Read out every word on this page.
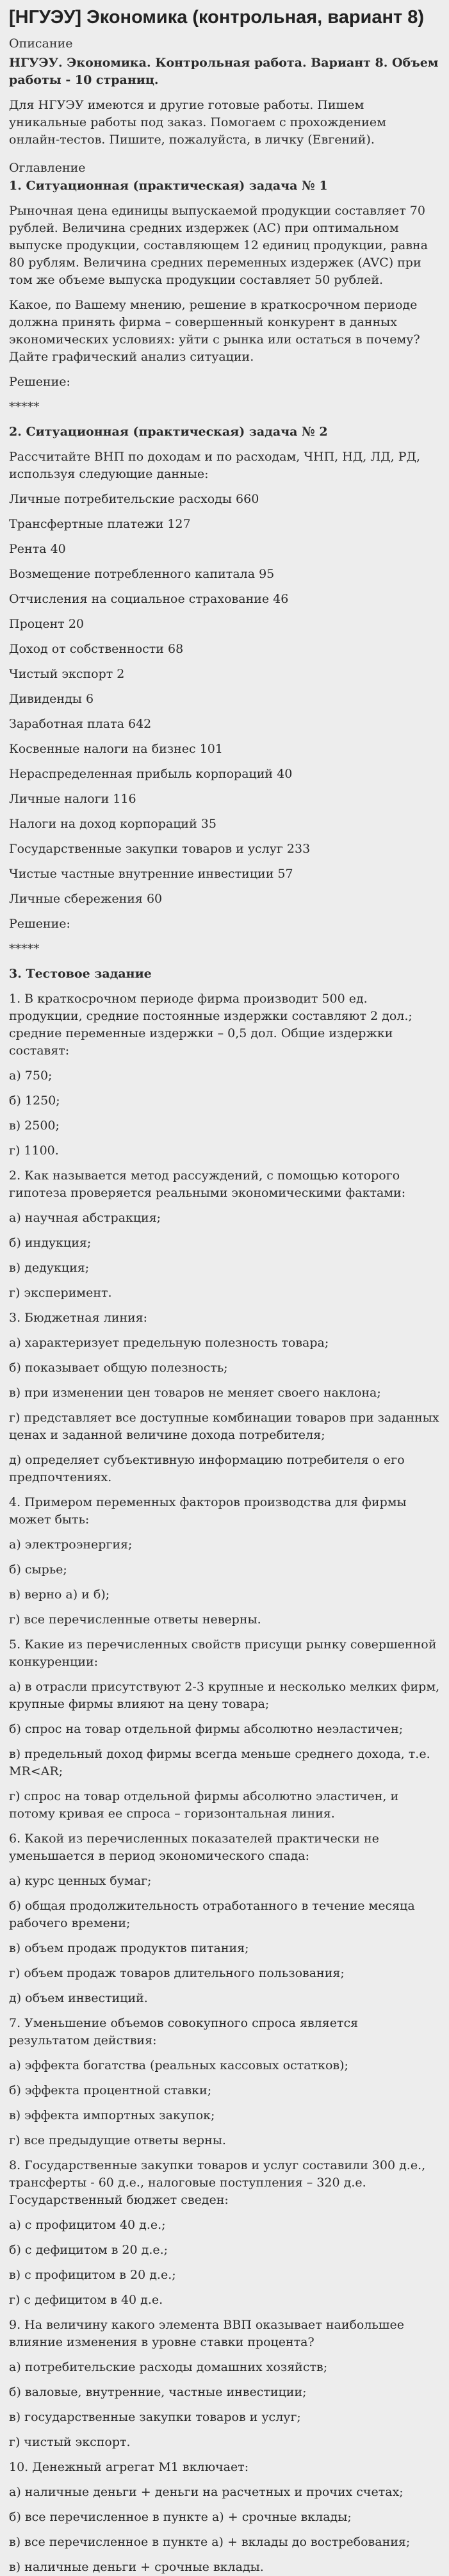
[НГУЭУ] Экономика (контрольная, вариант 8)
Описание
НГУЭУ. Экономика. Контрольная работа. Вариант 8. Объем работы - 10 страниц.

Для НГУЭУ имеются и другие готовые работы. Пишем уникальные работы под заказ. Помогаем с прохождением онлайн-тестов. Пишите, пожалуйста, в личку (Евгений).

Оглавление

1. Ситуационная (практическая) задача № 1

Рыночная цена единицы выпускаемой продукции составляет 70 рублей. Величина средних издержек (АС) при оптимальном выпуске продукции, составляющем 12 единиц продукции, равна 80 рублям. Величина средних переменных издержек (AVC) при том же объеме выпуска продукции составляет 50 рублей.

Какое, по Вашему мнению, решение в краткосрочном периоде должна принять фирма – совершенный конкурент в данных экономических условиях: уйти с рынка или остаться в почему? Дайте графический анализ ситуации.

Решение:

*****

2. Ситуационная (практическая) задача № 2

Рассчитайте ВНП по доходам и по расходам, ЧНП, НД, ЛД, РД, используя следующие данные:

Личные потребительские расходы 660

Трансфертные платежи 127

Рента 40

Возмещение потребленного капитала 95

Отчисления на социальное страхование 46

Процент 20

Доход от собственности 68

Чистый экспорт 2

Дивиденды 6

Заработная плата 642

Косвенные налоги на бизнес 101

Нераспределенная прибыль корпораций 40

Личные налоги 116

Налоги на доход корпораций 35

Государственные закупки товаров и услуг 233

Чистые частные внутренние инвестиции 57

Личные сбережения 60

Решение:

*****

3. Тестовое задание

1. В краткосрочном периоде фирма производит 500 ед. продукции, средние постоянные издержки составляют 2 дол.; средние переменные издержки – 0,5 дол. Общие издержки составят:

а) 750;

б) 1250;

в) 2500;

г) 1100.

2. Как называется метод рассуждений, с помощью которого гипотеза проверяется реальными экономическими фактами:

а) научная абстракция;

б) индукция;

в) дедукция;

г) эксперимент.

3. Бюджетная линия:

а) характеризует предельную полезность товара;

б) показывает общую полезность;

в) при изменении цен товаров не меняет своего наклона;

г) представляет все доступные комбинации товаров при заданных ценах и заданной величине дохода потребителя;

д) определяет субъективную информацию потребителя о его предпочтениях.

4. Примером переменных факторов производства для фирмы может быть:

а) электроэнергия;

б) сырье;

в) верно а) и б);

г) все перечисленные ответы неверны.

5. Какие из перечисленных свойств присущи рынку совершенной конкуренции:

а) в отрасли присутствуют 2-3 крупные и несколько мелких фирм, крупные фирмы влияют на цену товара;

б) спрос на товар отдельной фирмы абсолютно неэластичен;

в) предельный доход фирмы всегда меньше среднего дохода, т.е. MR<AR;

г) спрос на товар отдельной фирмы абсолютно эластичен, и потому кривая ее спроса – горизонтальная линия.

6. Какой из перечисленных показателей практически не уменьшается в период экономического спада:

а) курс ценных бумаг;

б) общая продолжительность отработанного в течение месяца рабочего времени;

в) объем продаж продуктов питания;

г) объем продаж товаров длительного пользования;

д) объем инвестиций.

7. Уменьшение объемов совокупного спроса является результатом действия:

а) эффекта богатства (реальных кассовых остатков);

б) эффекта процентной ставки;

в) эффекта импортных закупок;

г) все предыдущие ответы верны.

8. Государственные закупки товаров и услуг составили 300 д.е., трансферты - 60 д.е., налоговые поступления – 320 д.е. Государственный бюджет сведен:

а) с профицитом 40 д.е.;

б) с дефицитом в 20 д.е.;

в) с профицитом в 20 д.е.;

г) с дефицитом в 40 д.е.

9. На величину какого элемента ВВП оказывает наибольшее влияние изменения в уровне ставки процента?

а) потребительские расходы домашних хозяйств;

б) валовые, внутренние, частные инвестиции;

в) государственные закупки товаров и услуг;

г) чистый экспорт.

10. Денежный агрегат М1 включает:

а) наличные деньги + деньги на расчетных и прочих счетах;

б) все перечисленное в пункте а) + срочные вклады;

в) все перечисленное в пункте а) + вклады до востребования;

в) наличные деньги + срочные вклады.
